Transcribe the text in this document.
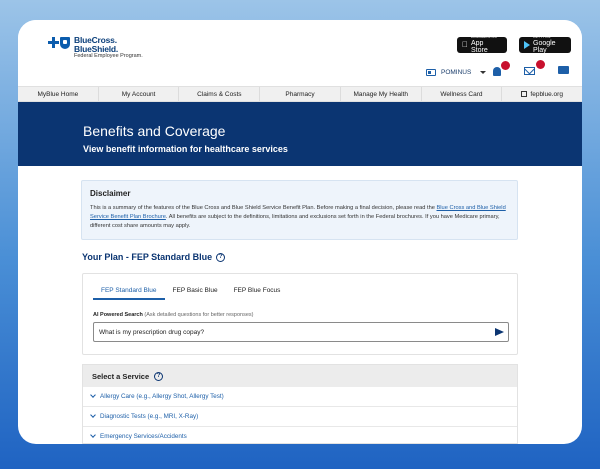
BlueCross.
BlueShield.
Federal Employee Program.
Download on the
App Store
GET IT ON
Google Play
POMINUS
MyBlue Home	My Account	Claims & Costs	Pharmacy	Manage My Health	Wellness Card	fepblue.org
Benefits and Coverage
View benefit information for healthcare services
Disclaimer
This is a summary of the features of the Blue Cross and Blue Shield Service Benefit Plan. Before making a final decision, please read the Blue Cross and Blue Shield Service Benefit Plan Brochure. All benefits are subject to the definitions, limitations and exclusions set forth in the Federal brochures. If you have Medicare primary, different cost share amounts may apply.
Your Plan - FEP Standard Blue	?
FEP Standard Blue	FEP Basic Blue	FEP Blue Focus
AI Powered Search (Ask detailed questions for better responses)
What is my prescription drug copay?
Select a Service	?
Allergy Care (e.g., Allergy Shot, Allergy Test)
Diagnostic Tests (e.g., MRI, X-Ray)
Emergency Services/Accidents
